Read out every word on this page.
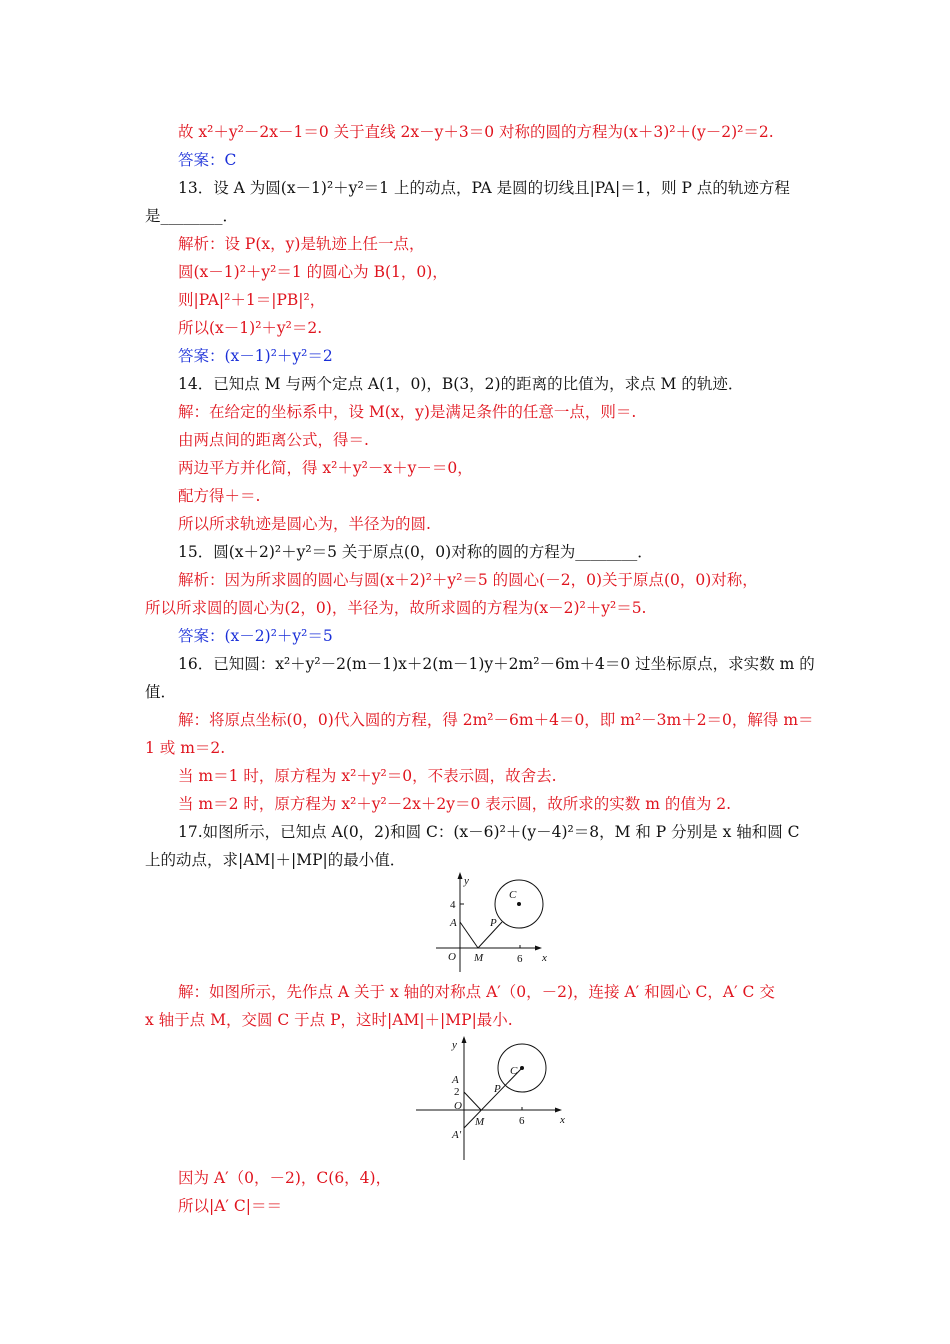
故 x²＋y²－2x－1＝0 关于直线 2x－y＋3＝0 对称的圆的方程为(x＋3)²＋(y－2)²＝2.
答案：C
13．设 A 为圆(x－1)²＋y²＝1 上的动点，PA 是圆的切线且|PA|＝1，则 P 点的轨迹方程
是________．
解析：设 P(x，y)是轨迹上任一点，
圆(x－1)²＋y²＝1 的圆心为 B(1，0)，
则|PA|²＋1＝|PB|²，
所以(x－1)²＋y²＝2.
答案：(x－1)²＋y²＝2
14．已知点 M 与两个定点 A(1，0)，B(3，2)的距离的比值为，求点 M 的轨迹．
解：在给定的坐标系中，设 M(x，y)是满足条件的任意一点，则＝.
由两点间的距离公式，得＝.
两边平方并化简，得 x²＋y²－x＋y－＝0，
配方得＋＝.
所以所求轨迹是圆心为，半径为的圆.
15．圆(x＋2)²＋y²＝5 关于原点(0，0)对称的圆的方程为________．
解析：因为所求圆的圆心与圆(x＋2)²＋y²＝5 的圆心(－2，0)关于原点(0，0)对称，
所以所求圆的圆心为(2，0)，半径为，故所求圆的方程为(x－2)²＋y²＝5.
答案：(x－2)²＋y²＝5
16．已知圆：x²＋y²－2(m－1)x＋2(m－1)y＋2m²－6m＋4＝0 过坐标原点，求实数 m 的
值．
解：将原点坐标(0，0)代入圆的方程，得 2m²－6m＋4＝0，即 m²－3m＋2＝0，解得 m＝
1 或 m＝2.
当 m＝1 时，原方程为 x²＋y²＝0，不表示圆，故舍去.
当 m＝2 时，原方程为 x²＋y²－2x＋2y＝0 表示圆，故所求的实数 m 的值为 2.
17.如图所示，已知点 A(0，2)和圆 C：(x－6)²＋(y－4)²＝8，M 和 P 分别是 x 轴和圆 C
上的动点，求|AM|＋|MP|的最小值．
y
x
O
4
A
M
P
C
6
解：如图所示，先作点 A 关于 x 轴的对称点 A′（0，－2)，连接 A′ 和圆心 C，A′ C 交
x 轴于点 M，交圆 C 于点 P，这时|AM|＋|MP|最小.
y
x
A
2
O
A′
M
P
C
6
因为 A′（0，－2)，C(6，4)，
所以|A′ C|＝＝
